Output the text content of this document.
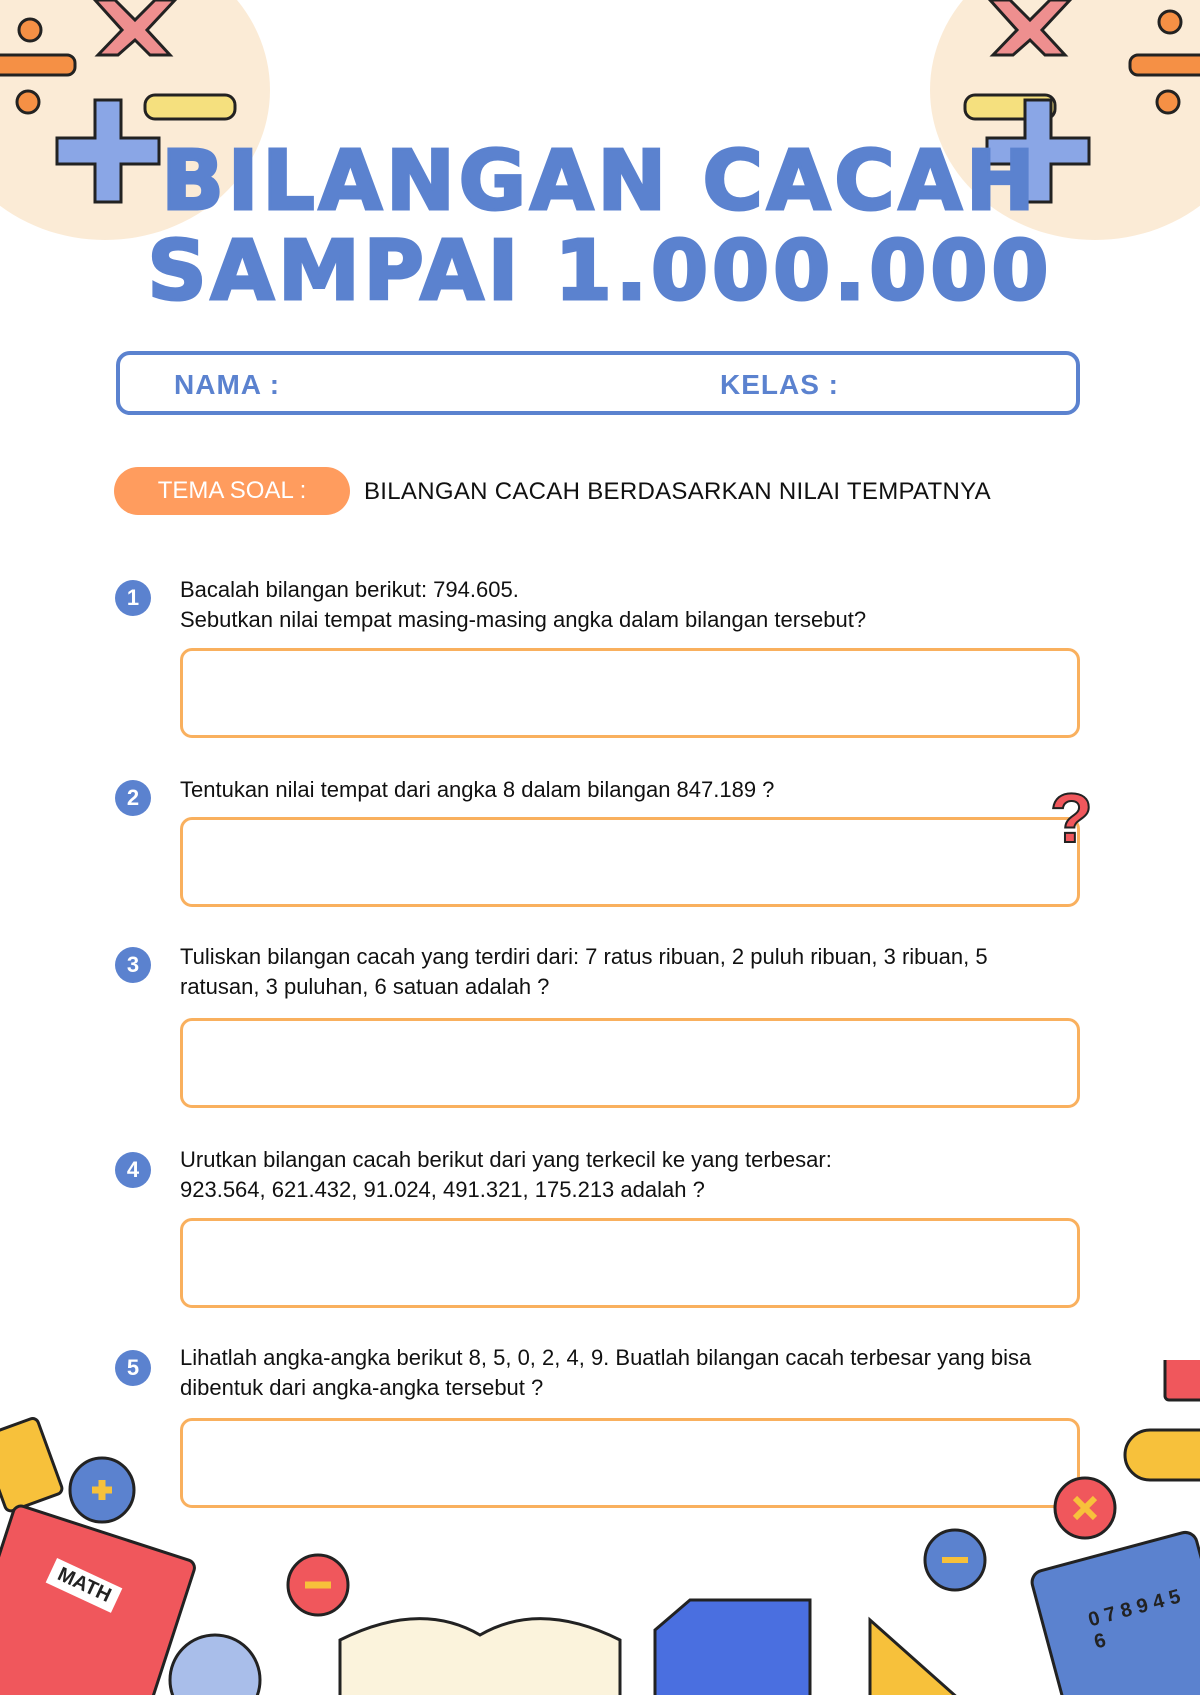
BILANGAN CACAH
SAMPAI 1.000.000
NAMA :	KELAS :
TEMA SOAL :	BILANGAN CACAH BERDASARKAN NILAI TEMPATNYA
1	Bacalah bilangan berikut: 794.605.
Sebutkan nilai tempat masing-masing angka dalam bilangan tersebut?
2	Tentukan nilai tempat dari angka 8 dalam bilangan 847.189 ?	?
3	Tuliskan bilangan cacah yang terdiri dari: 7 ratus ribuan, 2 puluh ribuan, 3 ribuan, 5 ratusan, 3 puluhan, 6 satuan adalah ?
4	Urutkan bilangan cacah berikut dari yang terkecil ke yang terbesar:
923.564, 621.432, 91.024, 491.321, 175.213 adalah ?
5	Lihatlah angka-angka berikut 8, 5, 0, 2, 4, 9. Buatlah bilangan cacah terbesar yang bisa dibentuk dari angka-angka tersebut ?
MATH
0 7 8 9 4 5 6
